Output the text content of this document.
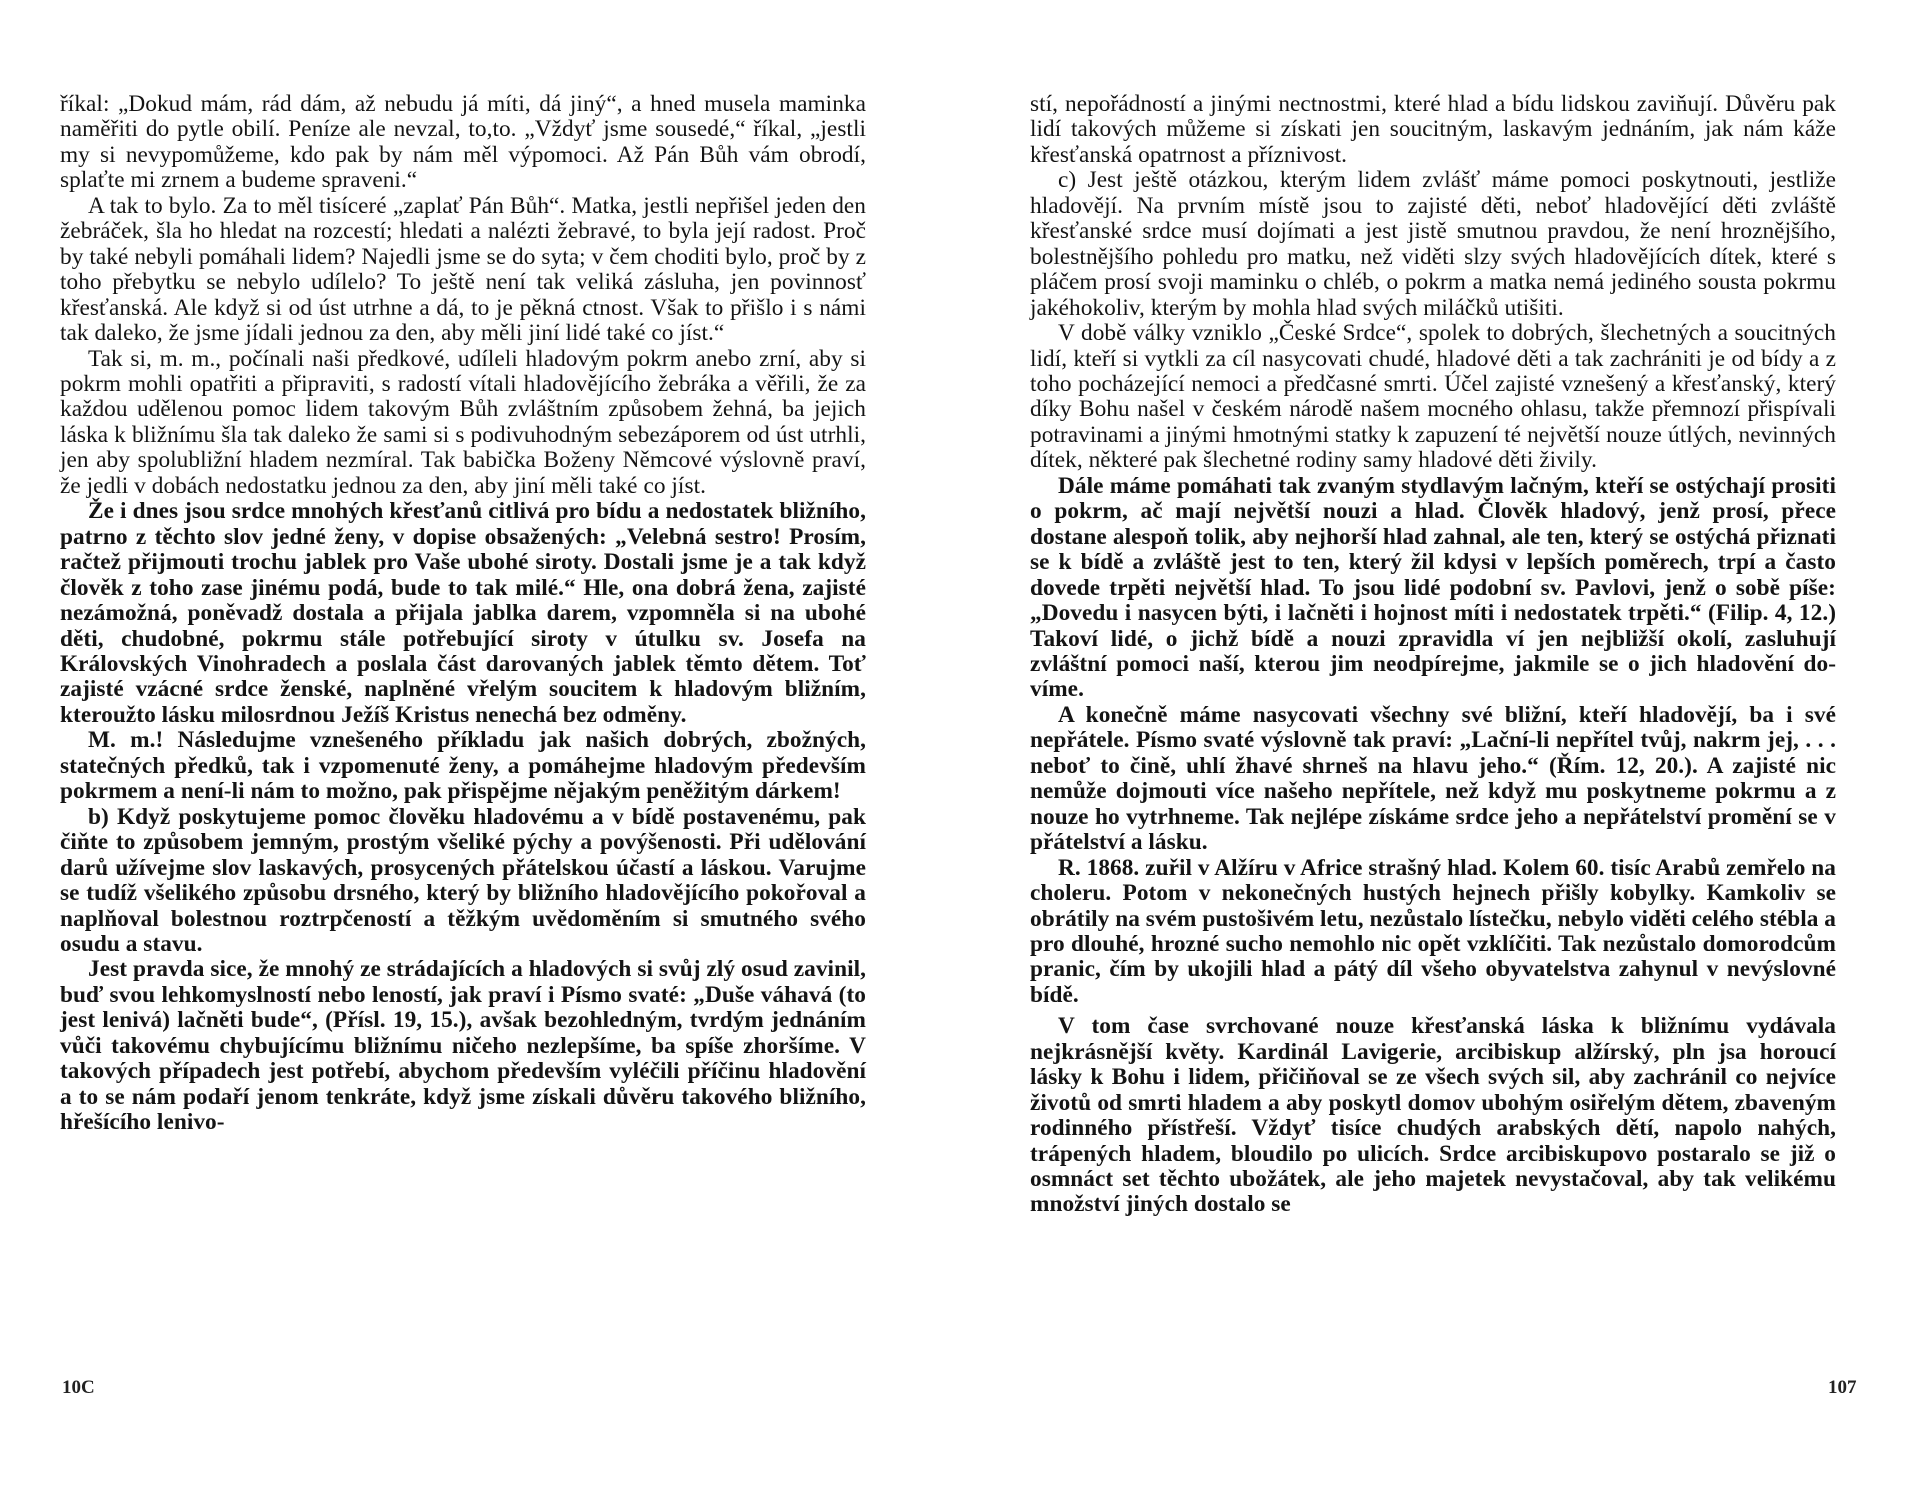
říkal: „Dokud mám, rád dám, až nebudu já míti, dá jiný“, a hned musela maminka naměřiti do pytle obilí. Peníze ale nevzal, to,to. „Vždyť jsme sousedé,“ říkal, „jestli my si nevypomůžeme, kdo pak by nám měl výpomoci. Až Pán Bůh vám obrodí, splaťte mi zrnem a budeme spraveni.“

A tak to bylo. Za to měl tisíceré „zaplať Pán Bůh“. Matka, jestli nepřišel jeden den žebráček, šla ho hledat na rozcestí; hledati a nalézti žebravé, to byla její radost. Proč by také nebyli pomáhali lidem? Najedli jsme se do syta; v čem choditi bylo, proč by z toho přebytku se nebylo udílelo? To ještě není tak veliká zásluha, jen povinnosť křesťanská. Ale když si od úst utrhne a dá, to je pěkná ctnost. Však to přišlo i s námi tak daleko, že jsme jídali jednou za den, aby měli jiní lidé také co jíst.“

Tak si, m. m., počínali naši předkové, udíleli hladovým pokrm anebo zrní, aby si pokrm mohli opatřiti a připraviti, s radostí vítali hladovějícího žebráka a věřili, že za každou udělenou pomoc lidem takovým Bůh zvláštním způsobem žehná, ba jejich láska k bližnímu šla tak daleko že sami si s podivuhodným sebezáporem od úst utrhli, jen aby spolubližní hladem nezmíral. Tak babička Boženy Němcové výslovně praví, že jedli v dobách nedostatku jednou za den, aby jiní měli také co jíst.

Že i dnes jsou srdce mnohých křesťanů citlivá pro bídu a nedostatek bližního, patrno z těchto slov jedné ženy, v dopise obsažených: „Velebná sestro! Prosím, račtež přijmouti trochu jablek pro Vaše ubohé siroty. Dostali jsme je a tak když člověk z toho zase jinému podá, bude to tak milé.“ Hle, ona dobrá žena, zajisté nezámožná, poněvadž dostala a přijala jablka darem, vzpomněla si na ubohé děti, chudobné, pokrmu stále potřebující siroty v útulku sv. Josefa na Královských Vinohradech a poslala část darovaných jablek těmto dětem. Toť zajisté vzácné srdce ženské, naplněné vřelým soucitem k hladovým bližním, kteroužto lásku milosrdnou Ježíš Kristus nenechá bez odměny.

M. m.! Následujme vznešeného příkladu jak našich dobrých, zbožných, statečných předků, tak i vzpomenuté ženy, a pomáhejme hladovým především pokrmem a není-li nám to možno, pak přispějme nějakým peněžitým dárkem!

b) Když poskytujeme pomoc člověku hladovému a v bídě postavenému, pak čiňte to způsobem jemným, prostým všeliké pýchy a povýšenosti. Při udělování darů užívejme slov laskavých, prosycených přátelskou účastí a láskou. Varujme se tudíž všelikého způsobu drsného, který by bližního hladovějícího pokořoval a naplňoval bolestnou roztrpčeností a těžkým uvědoměním si smutného svého osudu a stavu.

Jest pravda sice, že mnohý ze strádajících a hladových si svůj zlý osud zavinil, buď svou lehkomyslností nebo leností, jak praví i Písmo svaté: „Duše váhavá (to jest lenivá) lačněti bude“, (Přísl. 19, 15.), avšak bezohledným, tvrdým jednáním vůči takovému chybujícímu bližnímu ničeho nezlepšíme, ba spíše zhoršíme. V takových případech jest potřebí, abychom především vyléčili příčinu hladovění a to se nám podaří jenom tenkráte, když jsme získali důvěru takového bližního, hřešícího lenivo-

stí, nepořádností a jinými nectnostmi, které hlad a bídu lidskou zaviňují. Důvěru pak lidí takových můžeme si získati jen soucitným, laskavým jednáním, jak nám káže křesťanská opatrnost a příznivost.

c) Jest ještě otázkou, kterým lidem zvlášť máme pomoci poskytnouti, jestliže hladovějí. Na prvním místě jsou to zajisté děti, neboť hladovějící děti zvláště křesťanské srdce musí dojímati a jest jistě smutnou pravdou, že není hroznějšího, bolestnějšího pohledu pro matku, než viděti slzy svých hladovějících dítek, které s pláčem prosí svoji maminku o chléb, o pokrm a matka nemá jediného sousta pokrmu jakéhokoliv, kterým by mohla hlad svých miláčků utišiti.

V době války vzniklo „České Srdce“, spolek to dobrých, šlechetných a soucitných lidí, kteří si vytkli za cíl nasycovati chudé, hladové děti a tak zachrániti je od bídy a z toho pocházející nemoci a předčasné smrti. Účel zajisté vznešený a křesťanský, který díky Bohu našel v českém národě našem mocného ohlasu, takže přemnozí přispívali potravinami a jinými hmotnými statky k zapuzení té největší nouze útlých, nevinných dítek, některé pak šlechetné rodiny samy hladové děti živily.

Dále máme pomáhati tak zvaným stydlavým lačným, kteří se ostýchají prositi o pokrm, ač mají největší nouzi a hlad. Člověk hladový, jenž prosí, přece dostane alespoň tolik, aby nejhorší hlad zahnal, ale ten, který se ostýchá přiznati se k bídě a zvláště jest to ten, který žil kdysi v lepších poměrech, trpí a často dovede trpěti největší hlad. To jsou lidé podobní sv. Pavlovi, jenž o sobě píše: „Dovedu i nasycen býti, i lačněti i hojnost míti i nedostatek trpěti.“ (Filip. 4, 12.) Takoví lidé, o jichž bídě a nouzi zpravidla ví jen nejbližší okolí, zasluhují zvláštní pomoci naší, kterou jim neodpírejme, jakmile se o jich hladovění dovíme.

A konečně máme nasycovati všechny své bližní, kteří hladovějí, ba i své nepřátele. Písmo svaté výslovně tak praví: „Lační-li nepřítel tvůj, nakrm jej, . . . neboť to čině, uhlí žhavé shrneš na hlavu jeho.“ (Řím. 12, 20.). A zajisté nic nemůže dojmouti více našeho nepřítele, než když mu poskytneme pokrmu a z nouze ho vytrhneme. Tak nejlépe získáme srdce jeho a nepřátelství promění se v přátelství a lásku.

R. 1868. zuřil v Alžíru v Africe strašný hlad. Kolem 60. tisíc Arabů zemřelo na choleru. Potom v nekonečných hustých hejnech přišly kobylky. Kamkoliv se obrátily na svém pustošivém letu, nezůstalo lístečku, nebylo viděti celého stébla a pro dlouhé, hrozné sucho nemohlo nic opět vzklíčiti. Tak nezůstalo domorodcům pranic, čím by ukojili hlad a pátý díl všeho obyvatelstva zahynul v nevýslovné bídě.

V tom čase svrchované nouze křesťanská láska k bližnímu vydávala nejkrásnější květy. Kardinál Lavigerie, arcibiskup alžírský, pln jsa horoucí lásky k Bohu i lidem, přičiňoval se ze všech svých sil, aby zachránil co nejvíce životů od smrti hladem a aby poskytl domov ubohým osiřelým dětem, zbaveným rodinného přístřeší. Vždyť tisíce chudých arabských dětí, napolo nahých, trápených hladem, bloudilo po ulicích. Srdce arcibiskupovo postaralo se již o osmnáct set těchto ubožátek, ale jeho majetek nevystačoval, aby tak velikému množství jiných dostalo se

10C	107
